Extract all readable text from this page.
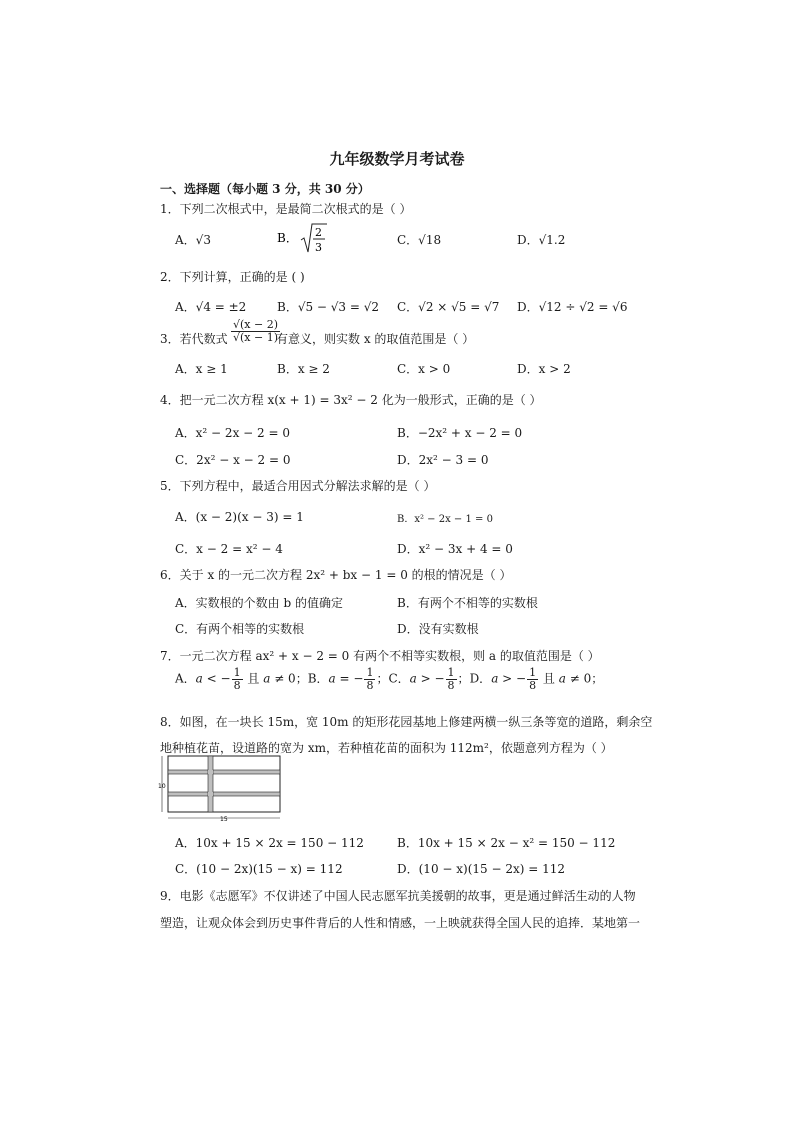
九年级数学月考试卷
一、选择题（每小题 3 分，共 30 分）
1．下列二次根式中，是最简二次根式的是（ ）
A．√3	B． 2
3
C．√18	D．√1.2
2．下列计算，正确的是 ( )
A．√4 = ±2	B．√5 − √3 = √2 C．√2 × √5 = √7 D．√12 ÷ √2 = √6
3．若代数式 $\frac{√(x - 2)}{√(x - 1)}$
有意义，则实数 x 的取值范围是（ ）
A．x ≥ 1	B．x ≥ 2	C．x > 0	D．x > 2
4．把一元二次方程 x(x + 1) = 3x² − 2 化为一般形式，正确的是（ ）
A．x² − 2x − 2 = 0	B．−2x² + x − 2 = 0
C．2x² − x − 2 = 0	D．2x² − 3 = 0
5．下列方程中，最适合用因式分解法求解的是（ ）
A．(x − 2)(x − 3) = 1	B．x² − 2x − 1 = 0
C．x − 2 = x² − 4	D．x² − 3x + 4 = 0
6．关于 x 的一元二次方程 2x² + bx − 1 = 0 的根的情况是（ ）
A．实数根的个数由 b 的值确定	B．有两个不相等的实数根
C．有两个相等的实数根	D．没有实数根
7．一元二次方程 ax² + x − 2 = 0 有两个不相等实数根，则 a 的取值范围是（ ）
A．a < − $\frac{1}{8}$ 且 a ≠ 0；B．a = − $\frac{1}{8}$ ；C．a > − $\frac{1}{8}$ ；D．a > − $\frac{1}{8}$ 且 a ≠ 0；
8．如图，在一块长 15m，宽 10m 的矩形花园基地上修建两横一纵三条等宽的道路，剩余空
地种植花苗，设道路的宽为 xm，若种植花苗的面积为 112m²，依题意列方程为（ ）
10
15
A．10x + 15 × 2x = 150 − 112	B．10x + 15 × 2x − x² = 150 − 112
C．(10 − 2x)(15 − x) = 112	D．(10 − x)(15 − 2x) = 112
9．电影《志愿军》不仅讲述了中国人民志愿军抗美援朝的故事，更是通过鲜活生动的人物
塑造，让观众体会到历史事件背后的人性和情感，一上映就获得全国人民的追捧．某地第一
